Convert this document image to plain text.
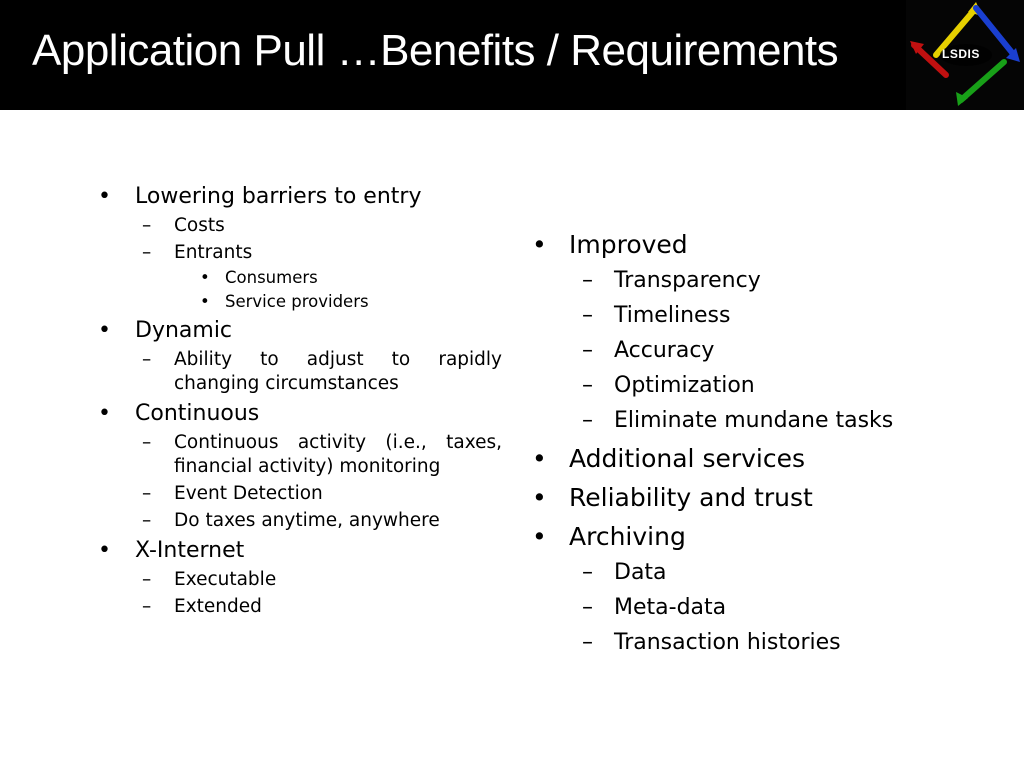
Application Pull …Benefits / Requirements	LSDIS
• Lowering barriers to entry
– Costs
– Entrants
• Consumers
• Service providers
• Dynamic
– Ability to adjust to rapidly changing circumstances
• Continuous
– Continuous activity (i.e., taxes, financial activity) monitoring
– Event Detection
– Do taxes anytime, anywhere
• X-Internet
– Executable
– Extended
• Improved
– Transparency
– Timeliness
– Accuracy
– Optimization
– Eliminate mundane tasks
• Additional services
• Reliability and trust
• Archiving
– Data
– Meta-data
– Transaction histories
